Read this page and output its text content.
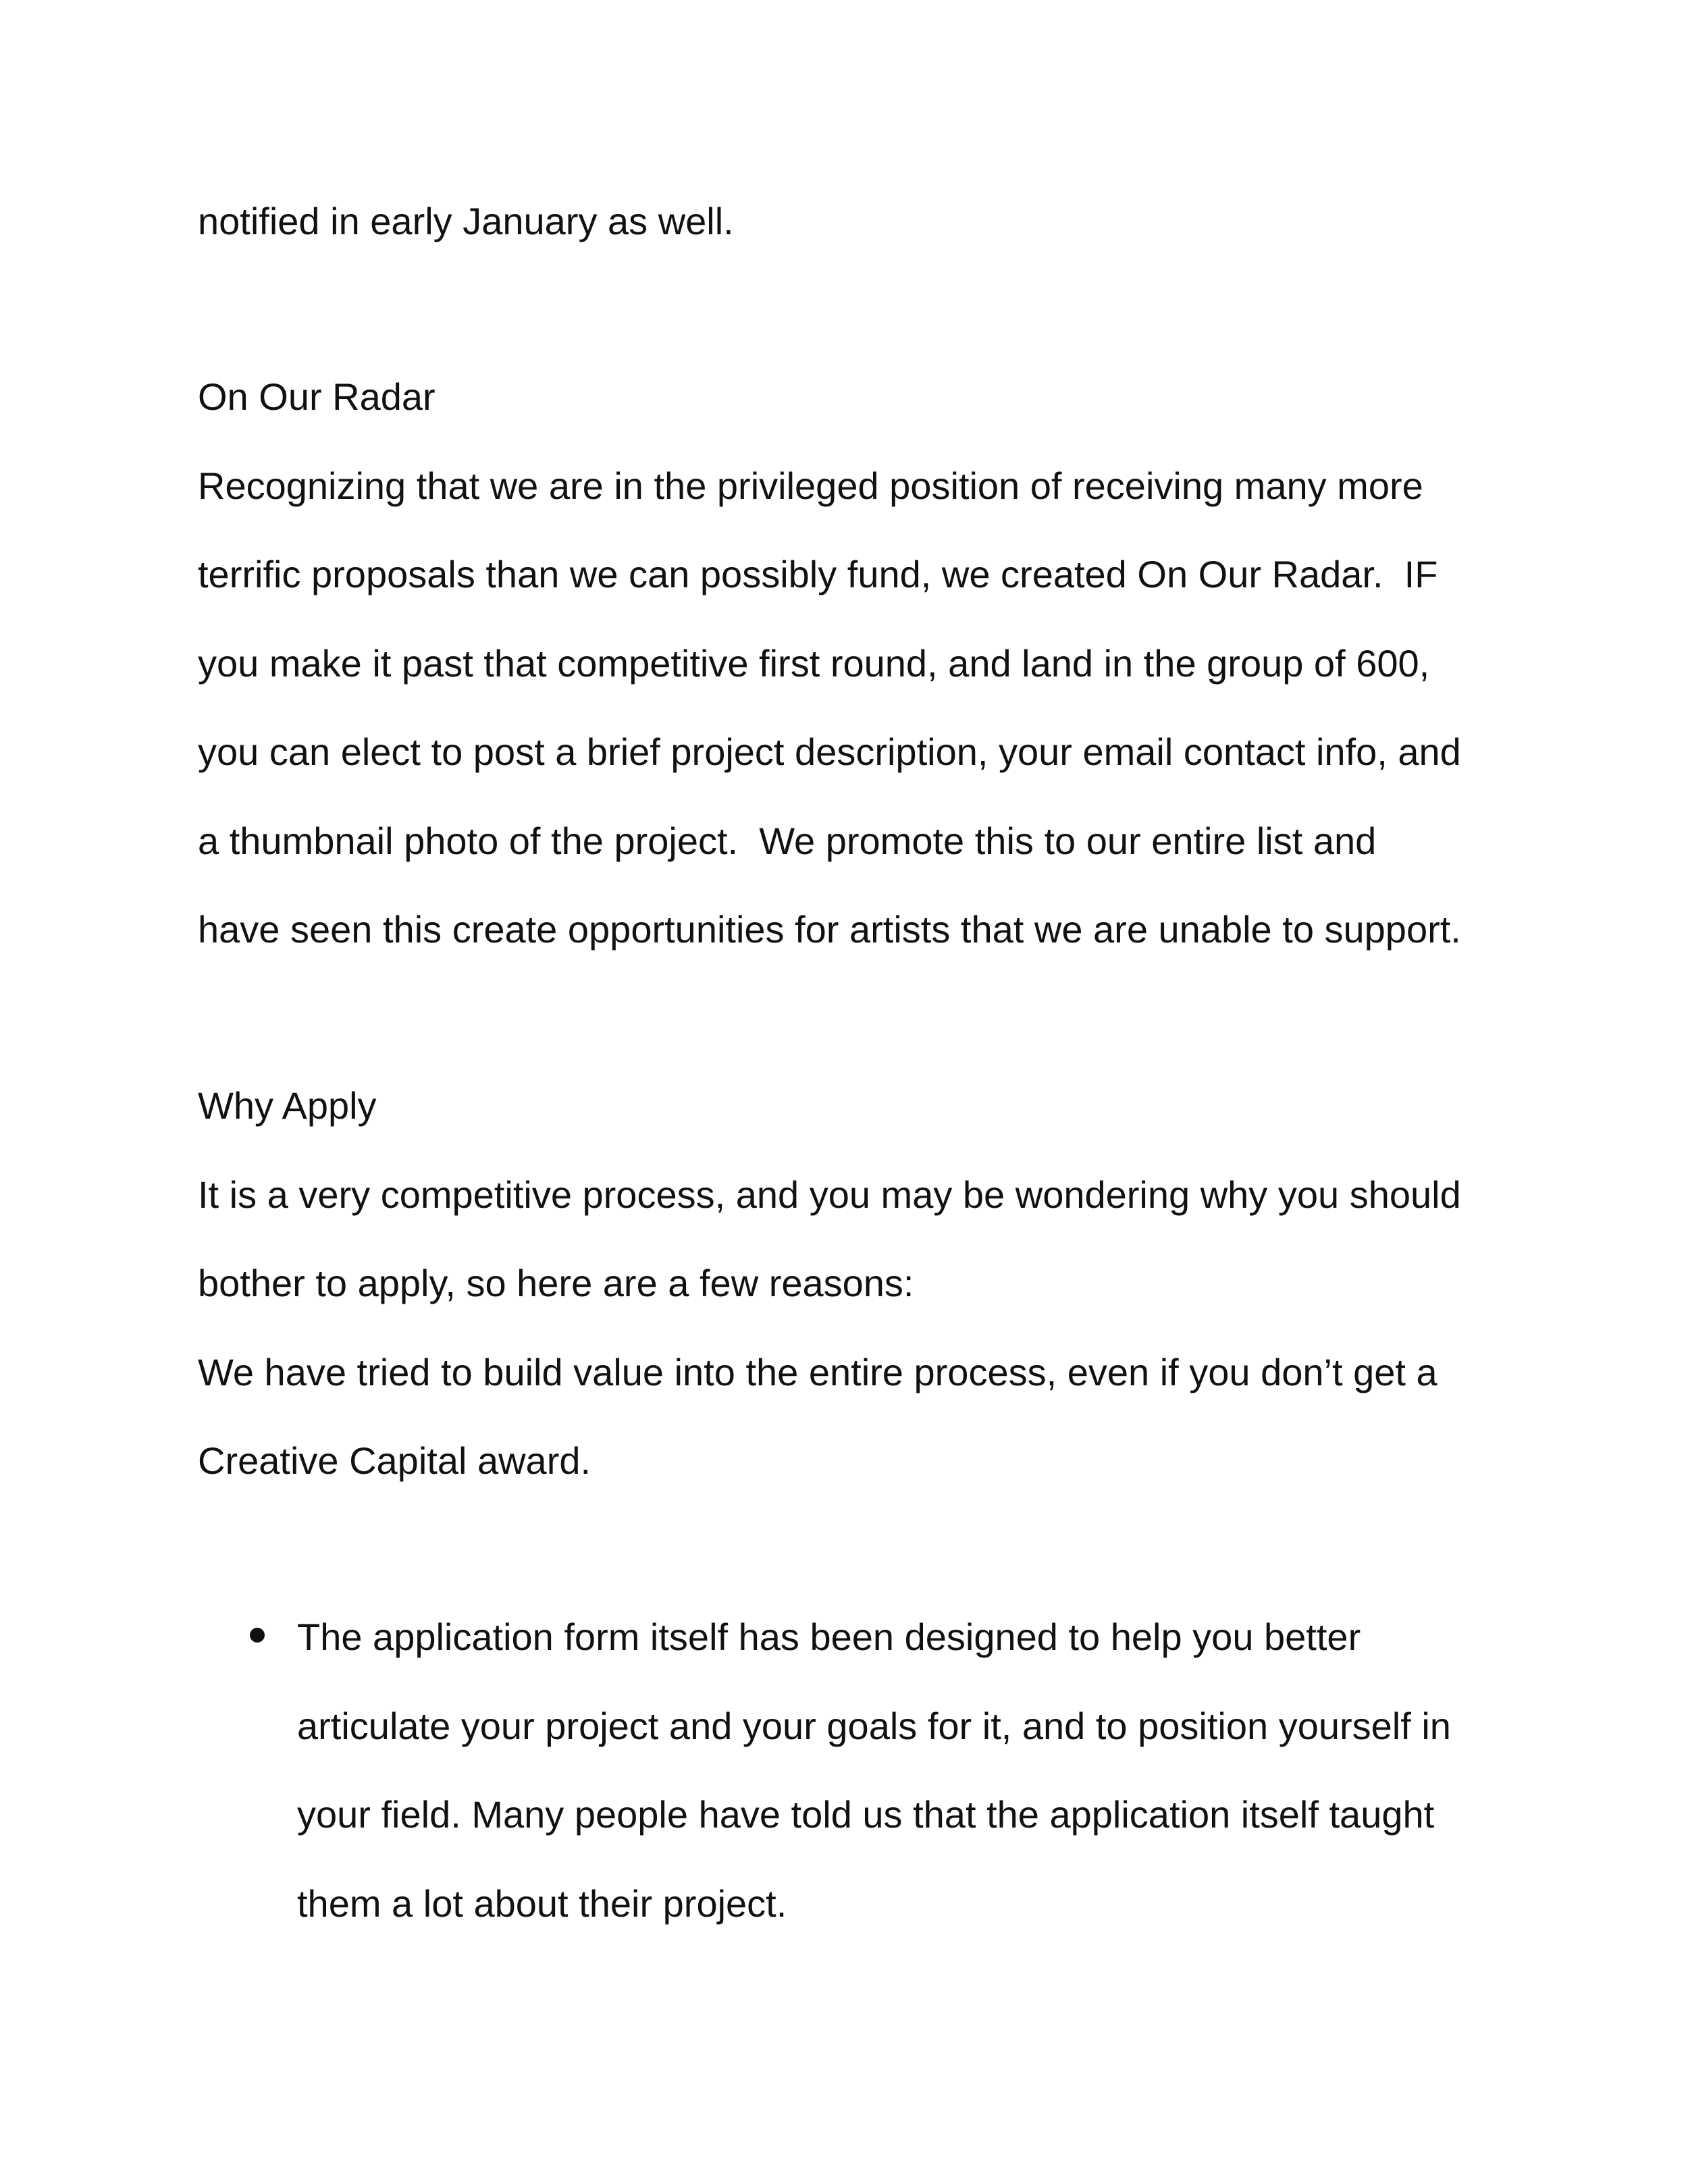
notified in early January as well.
On Our Radar
Recognizing that we are in the privileged position of receiving many more
terrific proposals than we can possibly fund, we created On Our Radar.  IF
you make it past that competitive first round, and land in the group of 600,
you can elect to post a brief project description, your email contact info, and
a thumbnail photo of the project.  We promote this to our entire list and
have seen this create opportunities for artists that we are unable to support.
Why Apply
It is a very competitive process, and you may be wondering why you should
bother to apply, so here are a few reasons:
We have tried to build value into the entire process, even if you don’t get a
Creative Capital award.
The application form itself has been designed to help you better
articulate your project and your goals for it, and to position yourself in
your field. Many people have told us that the application itself taught
them a lot about their project.
